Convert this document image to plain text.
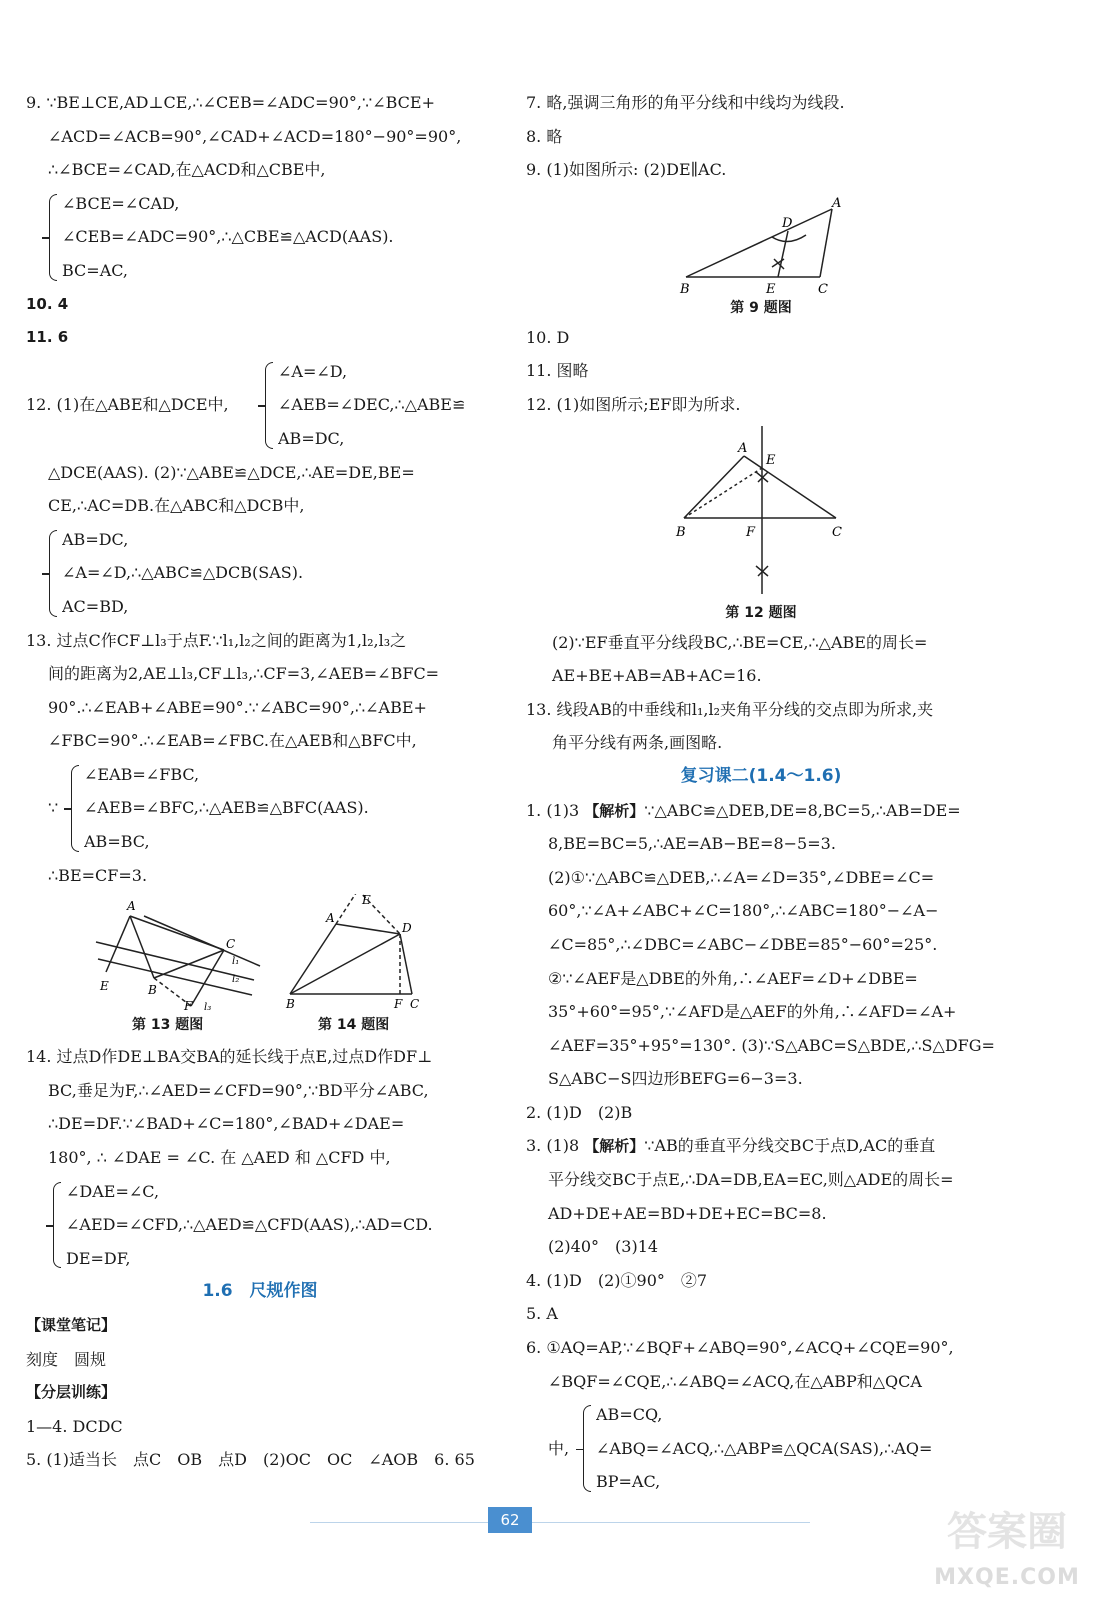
9. ∵BE⊥CE,AD⊥CE,∴∠CEB=∠ADC=90°,∵∠BCE+
∠ACD=∠ACB=90°,∠CAD+∠ACD=180°−90°=90°,
∴∠BCE=∠CAD,在△ACD和△CBE中,
∠BCE=∠CAD,
∠CEB=∠ADC=90°,∴△CBE≌△ACD(AAS).
BC=AC,
10. 4
11. 6
12. (1)在△ABE和△DCE中,
∠A=∠D,
∠AEB=∠DEC,∴△ABE≌
AB=DC,
△DCE(AAS). (2)∵△ABE≌△DCE,∴AE=DE,BE=
CE,∴AC=DB.在△ABC和△DCB中,
AB=DC,
∠A=∠D,∴△ABC≌△DCB(SAS).
AC=BD,
13. 过点C作CF⊥l₃于点F.∵l₁,l₂之间的距离为1,l₂,l₃之
间的距离为2,AE⊥l₃,CF⊥l₃,∴CF=3,∠AEB=∠BFC=
90°.∴∠EAB+∠ABE=90°.∵∠ABC=90°,∴∠ABE+
∠FBC=90°.∴∠EAB=∠FBC.在△AEB和△BFC中,
∵
∠EAB=∠FBC,
∠AEB=∠BFC,∴△AEB≌△BFC(AAS).
AB=BC,
∴BE=CF=3.
A
C
E	B
F
l₁
l₂
l₃
A
E
D
B	F C
第 13 题图	第 14 题图
14. 过点D作DE⊥BA交BA的延长线于点E,过点D作DF⊥
BC,垂足为F,∴∠AED=∠CFD=90°,∵BD平分∠ABC,
∴DE=DF.∵∠BAD+∠C=180°,∠BAD+∠DAE=
180°, ∴ ∠DAE = ∠C. 在 △AED 和 △CFD 中,
∠DAE=∠C,
∠AED=∠CFD,∴△AED≌△CFD(AAS),∴AD=CD.
DE=DF,
1.6　尺规作图
【课堂笔记】
刻度　圆规
【分层训练】
1—4. DCDC
5. (1)适当长　点C　OB　点D　(2)OC　OC　∠AOB　6. 65
7. 略,强调三角形的角平分线和中线均为线段.
8. 略
9. (1)如图所示: (2)DE∥AC.
B
D
A
E	C
第 9 题图
10. D
11. 图略
12. (1)如图所示;EF即为所求.
A
E
B	F	C
第 12 题图
(2)∵EF垂直平分线段BC,∴BE=CE,∴△ABE的周长=
AE+BE+AB=AB+AC=16.
13. 线段AB的中垂线和l₁,l₂夹角平分线的交点即为所求,夹
角平分线有两条,画图略.
复习课二(1.4～1.6)
1. (1)3 【解析】∵△ABC≌△DEB,DE=8,BC=5,∴AB=DE=
8,BE=BC=5,∴AE=AB−BE=8−5=3.
(2)①∵△ABC≌△DEB,∴∠A=∠D=35°,∠DBE=∠C=
60°,∵∠A+∠ABC+∠C=180°,∴∠ABC=180°−∠A−
∠C=85°,∴∠DBC=∠ABC−∠DBE=85°−60°=25°.
②∵∠AEF是△DBE的外角,∴∠AEF=∠D+∠DBE=
35°+60°=95°,∵∠AFD是△AEF的外角,∴∠AFD=∠A+
∠AEF=35°+95°=130°. (3)∵S△ABC=S△BDE,∴S△DFG=
S△ABC−S四边形BEFG=6−3=3.
2. (1)D　(2)B
3. (1)8 【解析】∵AB的垂直平分线交BC于点D,AC的垂直
平分线交BC于点E,∴DA=DB,EA=EC,则△ADE的周长=
AD+DE+AE=BD+DE+EC=BC=8.
(2)40°　(3)14
4. (1)D　(2)①90°　②7
5. A
6. ①AQ=AP,∵∠BQF+∠ABQ=90°,∠ACQ+∠CQE=90°,
∠BQF=∠CQE,∴∠ABQ=∠ACQ,在△ABP和△QCA
中,
AB=CQ,
∠ABQ=∠ACQ,∴△ABP≌△QCA(SAS),∴AQ=
BP=AC,
62	答案圈
MXQE.COM
